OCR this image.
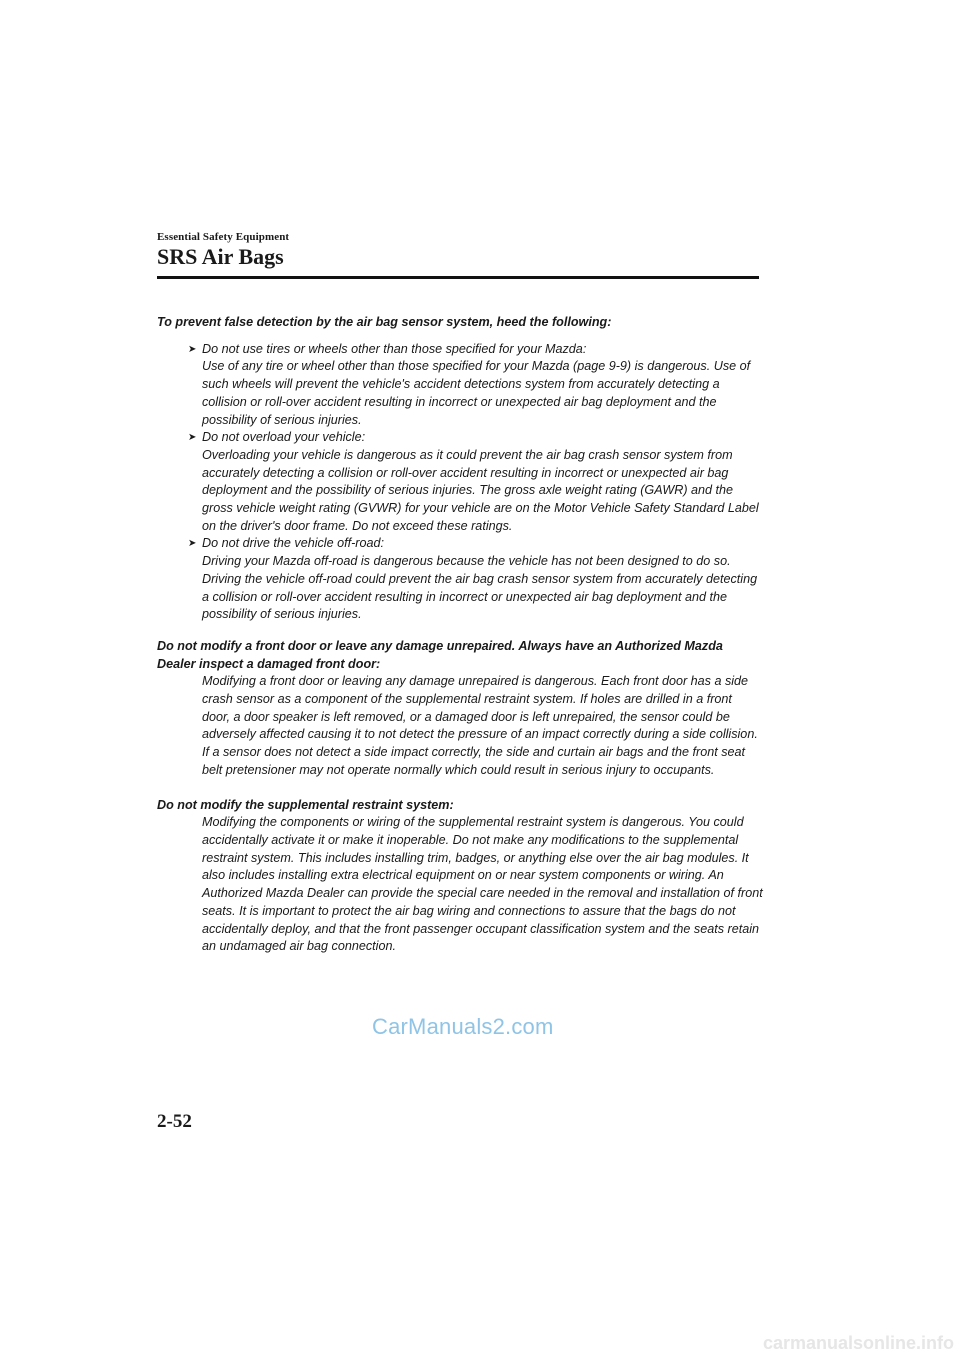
Essential Safety Equipment
SRS Air Bags

To prevent false detection by the air bag sensor system, heed the following:

➤ Do not use tires or wheels other than those specified for your Mazda:
Use of any tire or wheel other than those specified for your Mazda (page 9-9) is dangerous. Use of such wheels will prevent the vehicle's accident detections system from accurately detecting a collision or roll-over accident resulting in incorrect or unexpected air bag deployment and the possibility of serious injuries.
➤ Do not overload your vehicle:
Overloading your vehicle is dangerous as it could prevent the air bag crash sensor system from accurately detecting a collision or roll-over accident resulting in incorrect or unexpected air bag deployment and the possibility of serious injuries. The gross axle weight rating (GAWR) and the gross vehicle weight rating (GVWR) for your vehicle are on the Motor Vehicle Safety Standard Label on the driver's door frame. Do not exceed these ratings.
➤ Do not drive the vehicle off-road:
Driving your Mazda off-road is dangerous because the vehicle has not been designed to do so. Driving the vehicle off-road could prevent the air bag crash sensor system from accurately detecting a collision or roll-over accident resulting in incorrect or unexpected air bag deployment and the possibility of serious injuries.

Do not modify a front door or leave any damage unrepaired. Always have an Authorized Mazda Dealer inspect a damaged front door:

Modifying a front door or leaving any damage unrepaired is dangerous. Each front door has a side crash sensor as a component of the supplemental restraint system. If holes are drilled in a front door, a door speaker is left removed, or a damaged door is left unrepaired, the sensor could be adversely affected causing it to not detect the pressure of an impact correctly during a side collision. If a sensor does not detect a side impact correctly, the side and curtain air bags and the front seat belt pretensioner may not operate normally which could result in serious injury to occupants.

Do not modify the supplemental restraint system:

Modifying the components or wiring of the supplemental restraint system is dangerous. You could accidentally activate it or make it inoperable. Do not make any modifications to the supplemental restraint system. This includes installing trim, badges, or anything else over the air bag modules. It also includes installing extra electrical equipment on or near system components or wiring. An Authorized Mazda Dealer can provide the special care needed in the removal and installation of front seats. It is important to protect the air bag wiring and connections to assure that the bags do not accidentally deploy, and that the front passenger occupant classification system and the seats retain an undamaged air bag connection.

CarManuals2.com
2-52
carmanualsonline.info
